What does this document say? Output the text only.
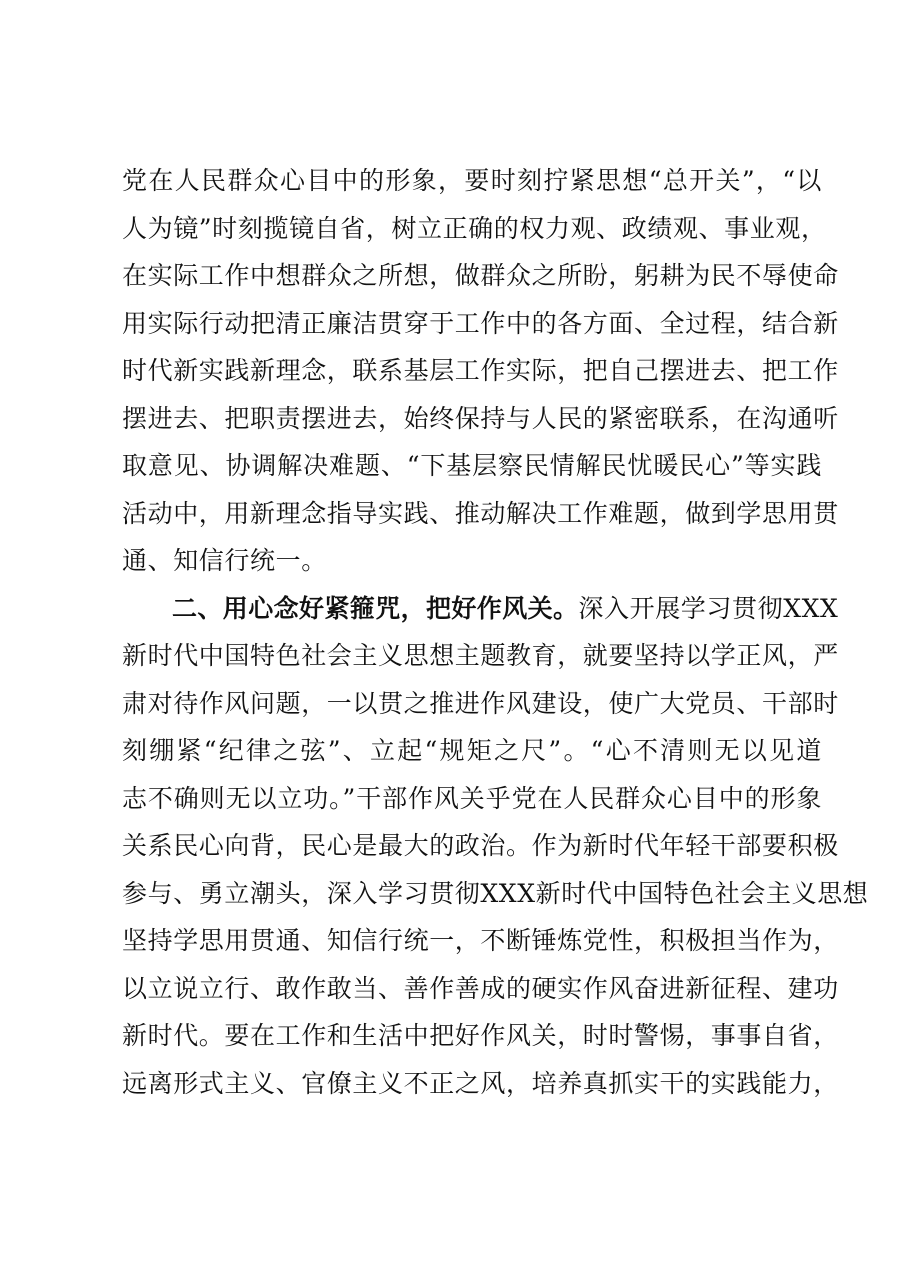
党在人民群众心目中的形象，要时刻拧紧思想“总开关”，“以
人为镜”时刻揽镜自省，树立正确的权力观、政绩观、事业观，
在实际工作中想群众之所想，做群众之所盼，躬耕为民不辱使命
用实际行动把清正廉洁贯穿于工作中的各方面、全过程，结合新
时代新实践新理念，联系基层工作实际，把自己摆进去、把工作
摆进去、把职责摆进去，始终保持与人民的紧密联系，在沟通听
取意见、协调解决难题、“下基层察民情解民忧暖民心”等实践
活动中，用新理念指导实践、推动解决工作难题，做到学思用贯
通、知信行统一。
二、用心念好紧箍咒，把好作风关。深入开展学习贯彻XXX
新时代中国特色社会主义思想主题教育，就要坚持以学正风，严
肃对待作风问题，一以贯之推进作风建设，使广大党员、干部时
刻绷紧“纪律之弦”、立起“规矩之尺”。“心不清则无以见道
志不确则无以立功。”干部作风关乎党在人民群众心目中的形象
关系民心向背，民心是最大的政治。作为新时代年轻干部要积极
参与、勇立潮头，深入学习贯彻XXX新时代中国特色社会主义思想
坚持学思用贯通、知信行统一，不断锤炼党性，积极担当作为，
以立说立行、敢作敢当、善作善成的硬实作风奋进新征程、建功
新时代。要在工作和生活中把好作风关，时时警惕，事事自省，
远离形式主义、官僚主义不正之风，培养真抓实干的实践能力，
